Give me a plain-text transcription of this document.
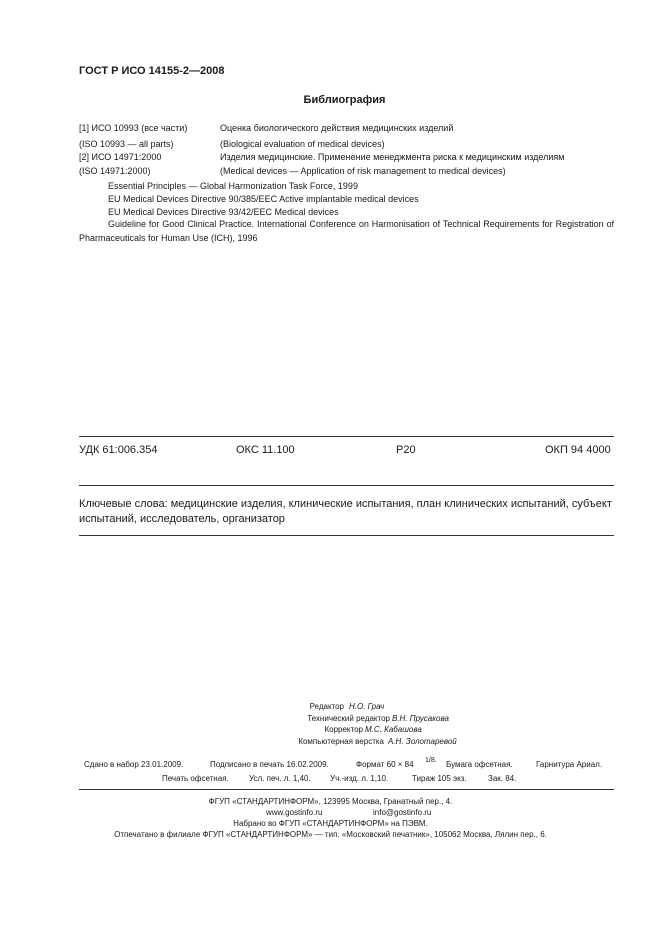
ГОСТ Р ИСО 14155-2—2008
Библиография
[1] ИСО 10993 (все части)	Оценка биологического действия медицинских изделий
(ISO 10993 — all parts)	(Biological evaluation of medical devices)
[2] ИСО 14971:2000	Изделия медицинские. Применение менеджмента риска к медицинским изделиям
(ISO 14971:2000)	(Medical devices — Application of risk management to medical devices)
Essential Principles — Global Harmonization Task Force, 1999
EU Medical Devices Directive 90/385/EEC Active implantable medical devices
EU Medical Devices Directive 93/42/EEC Medical devices
Guideline for Good Clinical Practice. International Conference on Harmonisation of Technical Requirements for Registration of Pharmaceuticals for Human Use (ICH), 1996
УДК 61:006.354	ОКС 11.100	Р20	ОКП 94 4000
Ключевые слова: медицинские изделия, клинические испытания, план клинических испытаний, субъект испытаний, исследователь, организатор
Редактор Н.О. Грач
Технический редактор В.Н. Прусакова
Корректор М.С. Кабашова
Компьютерная верстка А.Н. Золотаревой
Сдано в набор 23.01.2009.	Подписано в печать 16.02.2009.	Формат 60 × 84 1/8. Бумага офсетная.	Гарнитура Ариал.
Печать офсетная.	Усл. печ. л. 1,40. Уч.-изд. л. 1,10.	Тираж 105 экз.	Зак. 84.
ФГУП «СТАНДАРТИНФОРМ», 123995 Москва, Гранатный пер., 4.
www.gostinfo.ru	info@gostinfo.ru
Набрано во ФГУП «СТАНДАРТИНФОРМ» на ПЭВМ.
Отпечатано в филиале ФГУП «СТАНДАРТИНФОРМ» — тип. «Московский печатник», 105062 Москва, Лялин пер., 6.
